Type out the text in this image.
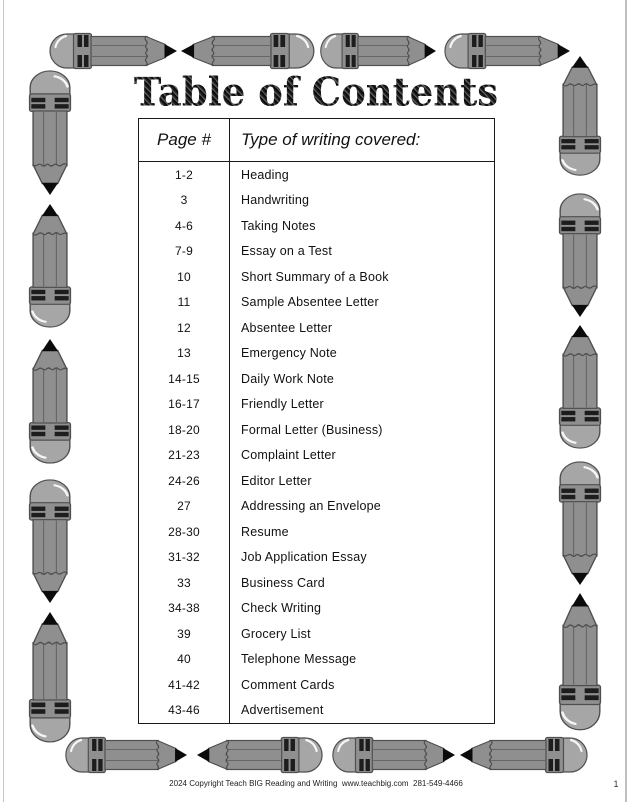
Table of Contents
Page #	Type of writing covered:
1-2	Heading
3	Handwriting
4-6	Taking Notes
7-9	Essay on a Test
10	Short Summary of a Book
11	Sample Absentee Letter
12	Absentee Letter
13	Emergency Note
14-15	Daily Work Note
16-17	Friendly Letter
18-20	Formal Letter (Business)
21-23	Complaint Letter
24-26	Editor Letter
27	Addressing an Envelope
28-30	Resume
31-32	Job Application Essay
33	Business Card
34-38	Check Writing
39	Grocery List
40	Telephone Message
41-42	Comment Cards
43-46	Advertisement
2024 Copyright Teach BIG Reading and Writing  www.teachbig.com  281-549-4466	1
